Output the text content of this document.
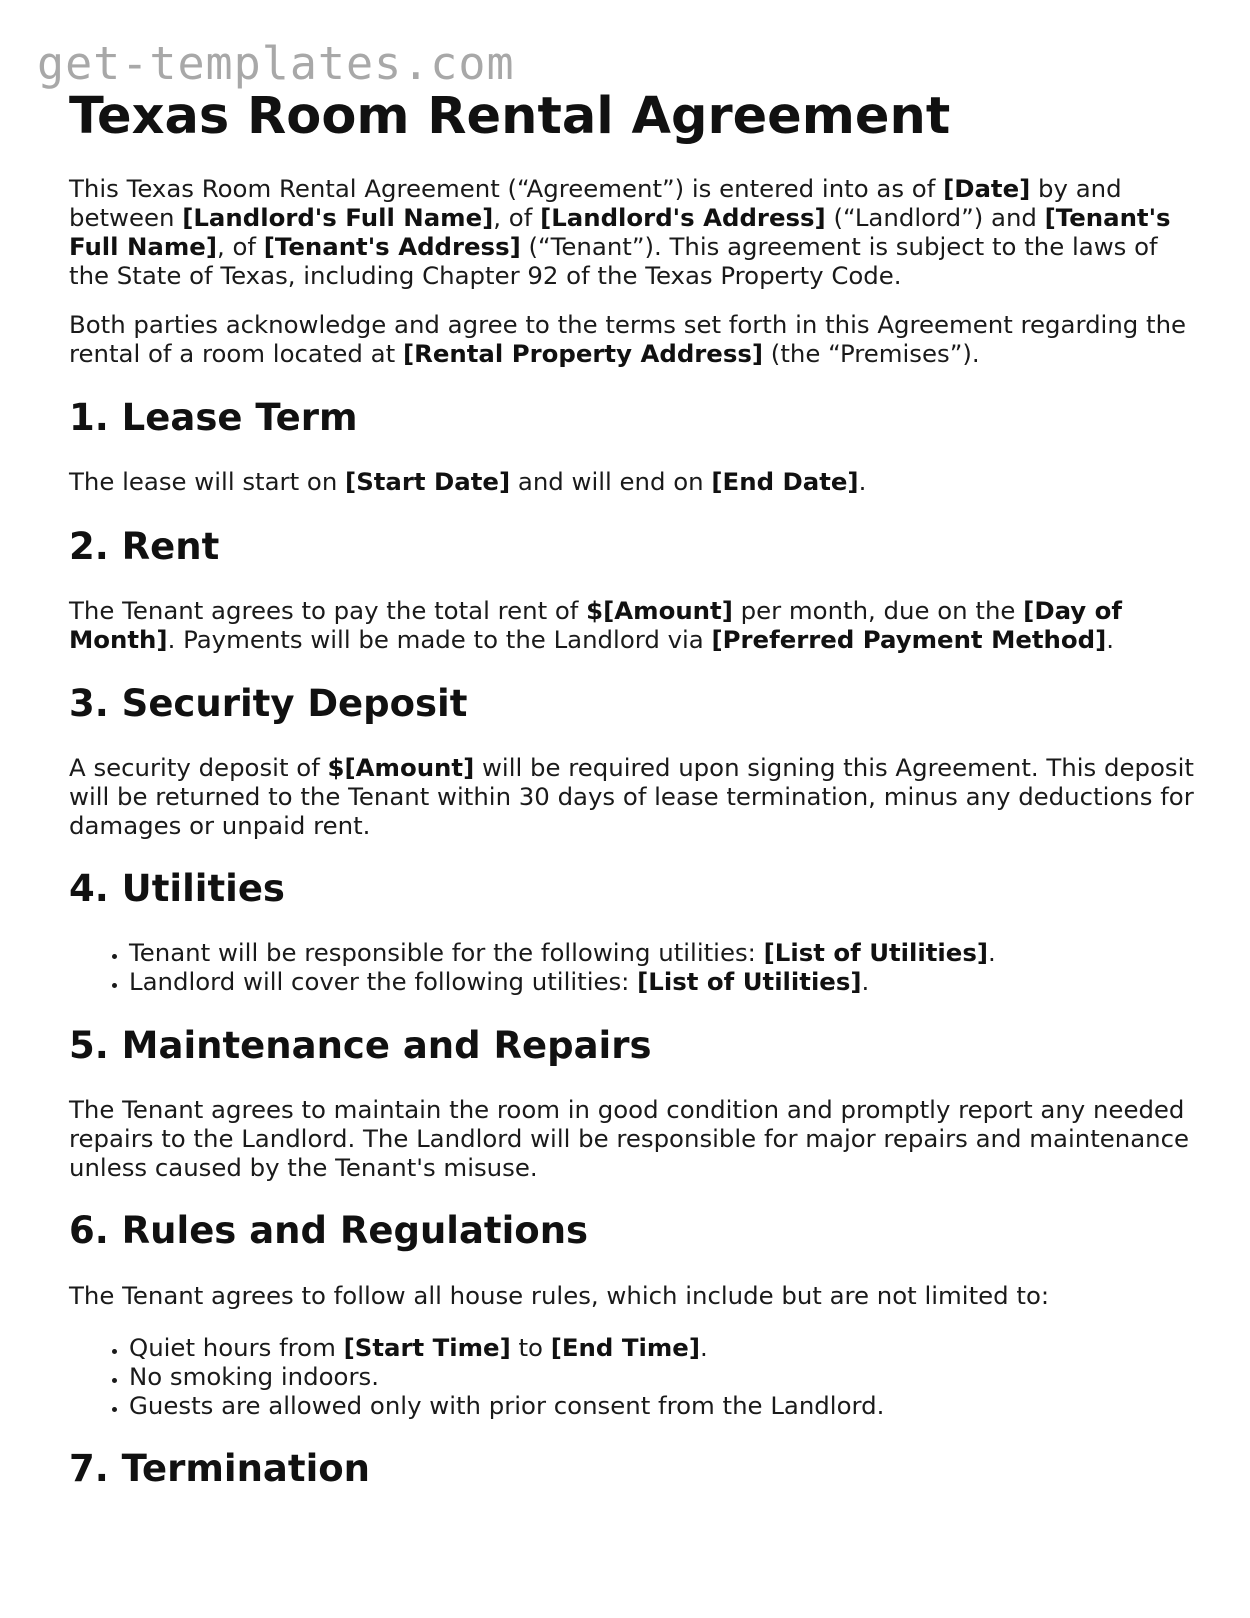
get-templates.com
Texas Room Rental Agreement

This Texas Room Rental Agreement (“Agreement”) is entered into as of [Date] by and between [Landlord's Full Name], of [Landlord's Address] (“Landlord”) and [Tenant's Full Name], of [Tenant's Address] (“Tenant”). This agreement is subject to the laws of the State of Texas, including Chapter 92 of the Texas Property Code.

Both parties acknowledge and agree to the terms set forth in this Agreement regarding the rental of a room located at [Rental Property Address] (the “Premises”).

1. Lease Term

The lease will start on [Start Date] and will end on [End Date].

2. Rent

The Tenant agrees to pay the total rent of $[Amount] per month, due on the [Day of Month]. Payments will be made to the Landlord via [Preferred Payment Method].

3. Security Deposit

A security deposit of $[Amount] will be required upon signing this Agreement. This deposit will be returned to the Tenant within 30 days of lease termination, minus any deductions for damages or unpaid rent.

4. Utilities
• Tenant will be responsible for the following utilities: [List of Utilities].
• Landlord will cover the following utilities: [List of Utilities].
5. Maintenance and Repairs

The Tenant agrees to maintain the room in good condition and promptly report any needed repairs to the Landlord. The Landlord will be responsible for major repairs and maintenance unless caused by the Tenant's misuse.

6. Rules and Regulations

The Tenant agrees to follow all house rules, which include but are not limited to:

• Quiet hours from [Start Time] to [End Time].
• No smoking indoors.
• Guests are allowed only with prior consent from the Landlord.
7. Termination
